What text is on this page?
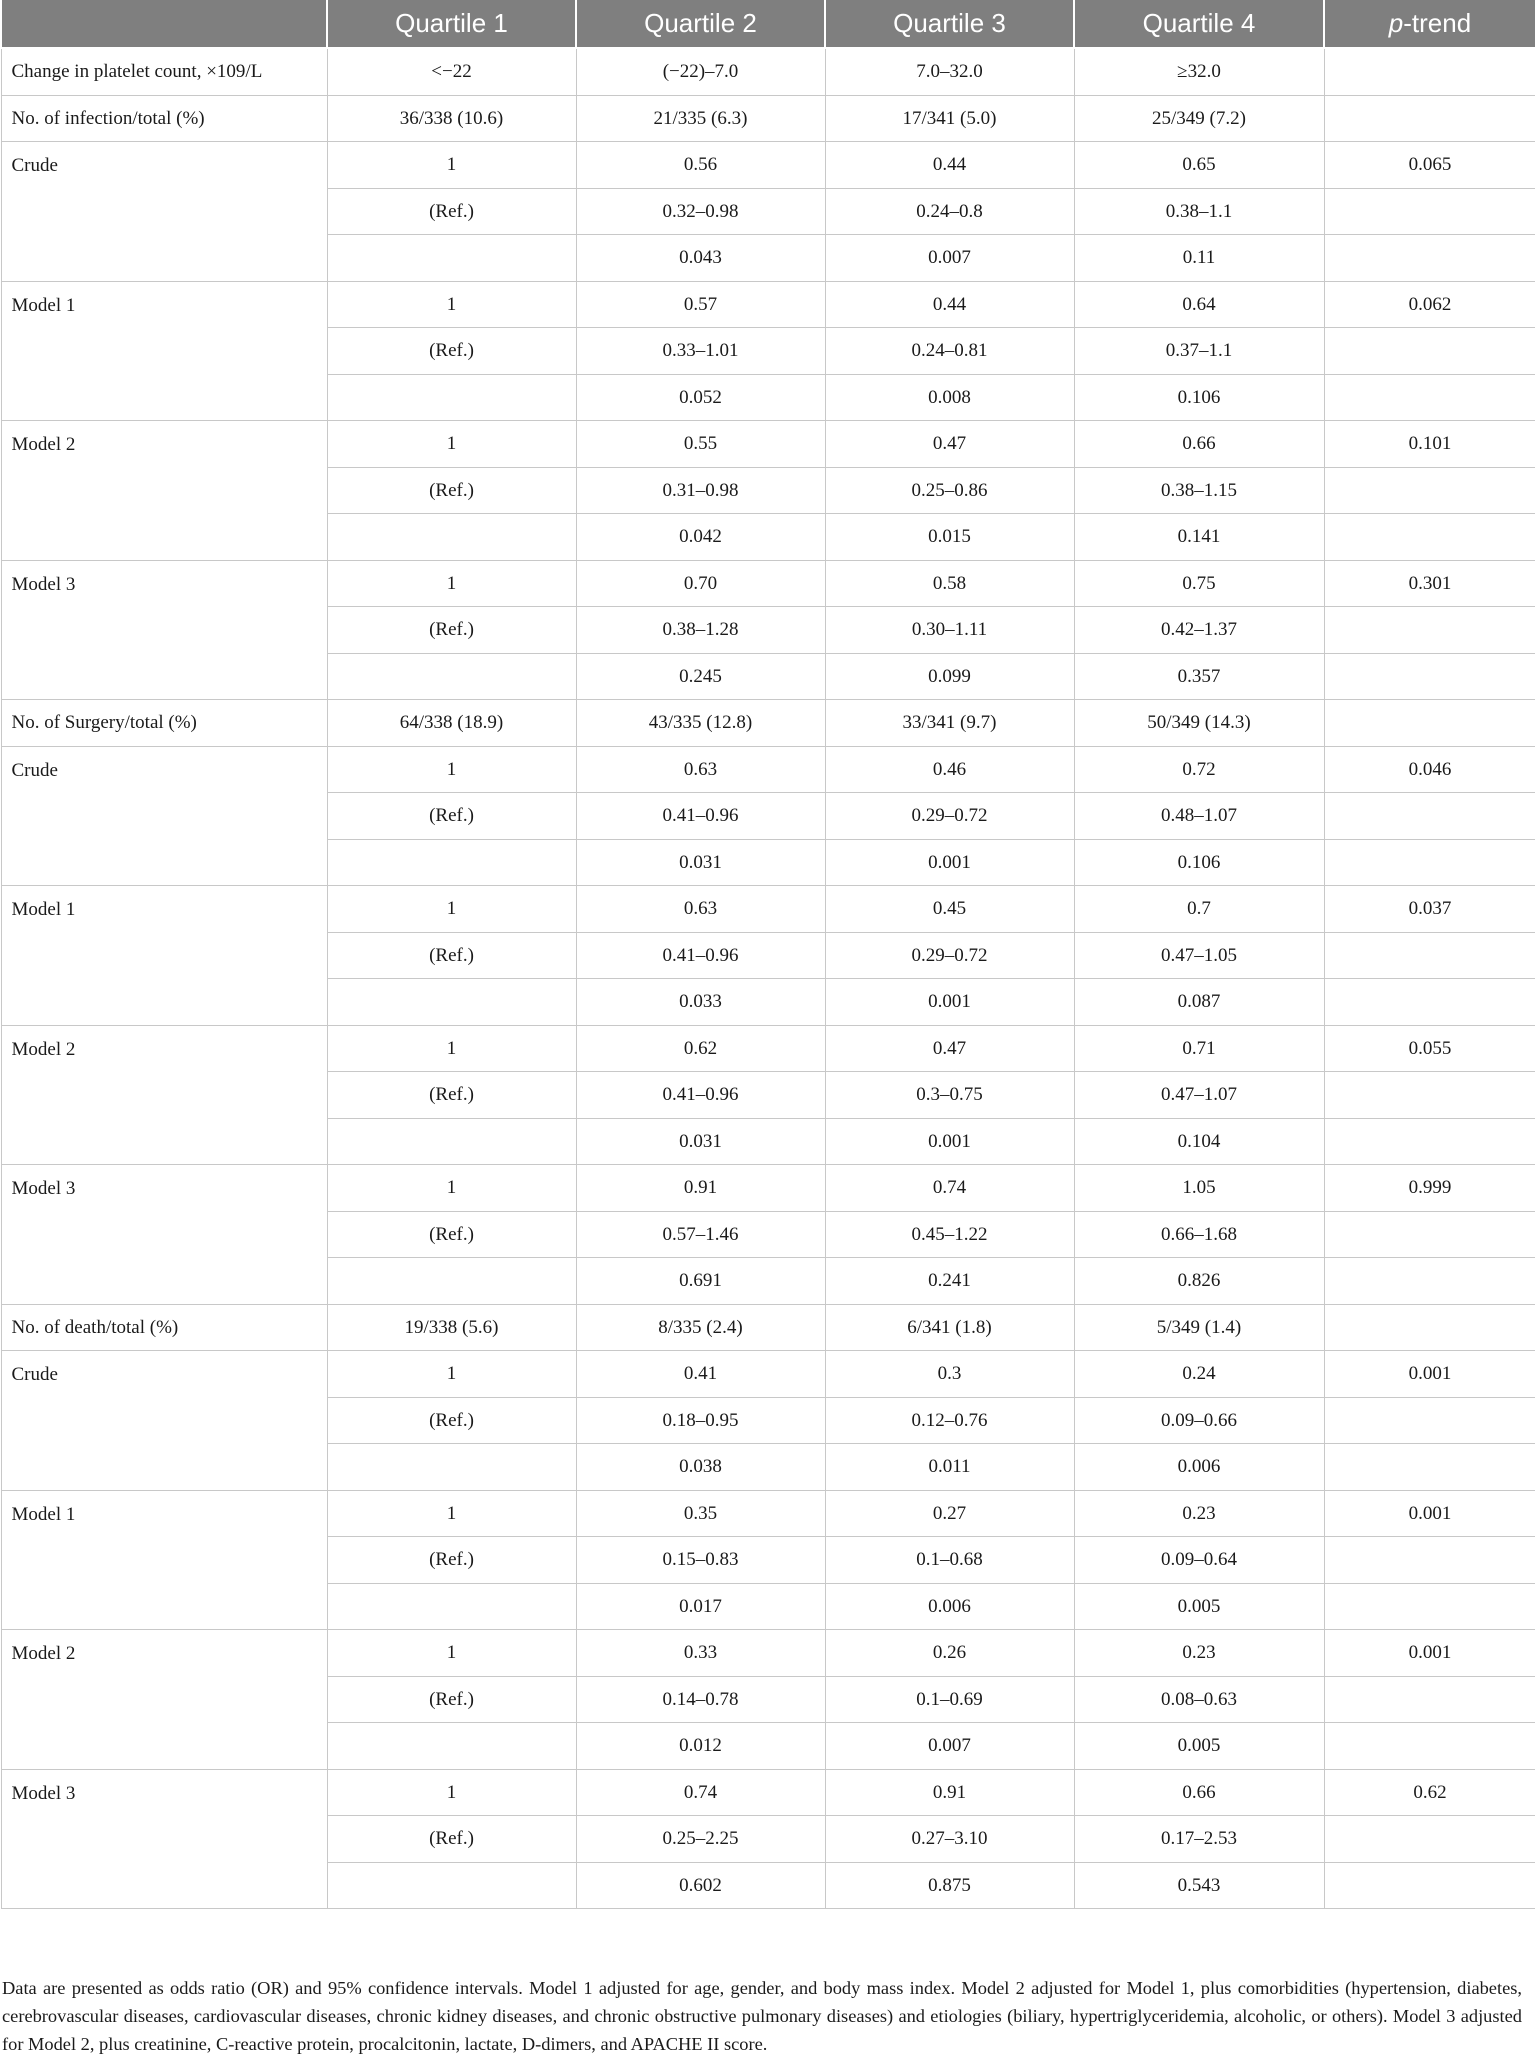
	Quartile 1	Quartile 2	Quartile 3	Quartile 4	p-trend
Change in platelet count, ×109/L	<−22	(−22)–7.0	7.0–32.0	≥32.0	
No. of infection/total (%)	36/338 (10.6)	21/335 (6.3)	17/341 (5.0)	25/349 (7.2)	
Crude	1	0.56	0.44	0.65	0.065
	(Ref.)	0.32–0.98	0.24–0.8	0.38–1.1	
		0.043	0.007	0.11	
Model 1	1	0.57	0.44	0.64	0.062
	(Ref.)	0.33–1.01	0.24–0.81	0.37–1.1	
		0.052	0.008	0.106	
Model 2	1	0.55	0.47	0.66	0.101
	(Ref.)	0.31–0.98	0.25–0.86	0.38–1.15	
		0.042	0.015	0.141	
Model 3	1	0.70	0.58	0.75	0.301
	(Ref.)	0.38–1.28	0.30–1.11	0.42–1.37	
		0.245	0.099	0.357	
No. of Surgery/total (%)	64/338 (18.9)	43/335 (12.8)	33/341 (9.7)	50/349 (14.3)	
Crude	1	0.63	0.46	0.72	0.046
	(Ref.)	0.41–0.96	0.29–0.72	0.48–1.07	
		0.031	0.001	0.106	
Model 1	1	0.63	0.45	0.7	0.037
	(Ref.)	0.41–0.96	0.29–0.72	0.47–1.05	
		0.033	0.001	0.087	
Model 2	1	0.62	0.47	0.71	0.055
	(Ref.)	0.41–0.96	0.3–0.75	0.47–1.07	
		0.031	0.001	0.104	
Model 3	1	0.91	0.74	1.05	0.999
	(Ref.)	0.57–1.46	0.45–1.22	0.66–1.68	
		0.691	0.241	0.826	
No. of death/total (%)	19/338 (5.6)	8/335 (2.4)	6/341 (1.8)	5/349 (1.4)	
Crude	1	0.41	0.3	0.24	0.001
	(Ref.)	0.18–0.95	0.12–0.76	0.09–0.66	
		0.038	0.011	0.006	
Model 1	1	0.35	0.27	0.23	0.001
	(Ref.)	0.15–0.83	0.1–0.68	0.09–0.64	
		0.017	0.006	0.005	
Model 2	1	0.33	0.26	0.23	0.001
	(Ref.)	0.14–0.78	0.1–0.69	0.08–0.63	
		0.012	0.007	0.005	
Model 3	1	0.74	0.91	0.66	0.62
	(Ref.)	0.25–2.25	0.27–3.10	0.17–2.53	
		0.602	0.875	0.543	

Data are presented as odds ratio (OR) and 95% confidence intervals. Model 1 adjusted for age, gender, and body mass index. Model 2 adjusted for Model 1, plus comorbidities (hypertension, diabetes, cerebrovascular diseases, cardiovascular diseases, chronic kidney diseases, and chronic obstructive pulmonary diseases) and etiologies (biliary, hypertriglyceridemia, alcoholic, or others). Model 3 adjusted for Model 2, plus creatinine, C-reactive protein, procalcitonin, lactate, D-dimers, and APACHE II score.
